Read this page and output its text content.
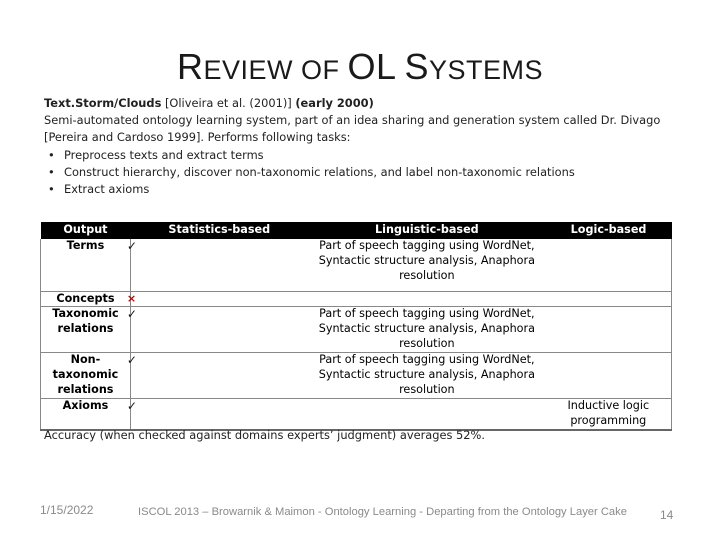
REVIEW OF OL SYSTEMS
Text.Storm/Clouds [Oliveira et al. (2001)] (early 2000)
Semi-automated ontology learning system, part of an idea sharing and generation system called Dr. Divago [Pereira and Cardoso 1999]. Performs following tasks:
• Preprocess texts and extract terms
• Construct hierarchy, discover non-taxonomic relations, and label non-taxonomic relations
• Extract axioms
Output	Statistics-based	Linguistic-based	Logic-based
Terms	✓	Part of speech tagging using WordNet, Syntactic structure analysis, Anaphora resolution	
Concepts	×		
Taxonomic relations	✓	Part of speech tagging using WordNet, Syntactic structure analysis, Anaphora resolution	
Non-taxonomic relations	✓	Part of speech tagging using WordNet, Syntactic structure analysis, Anaphora resolution	
Axioms	✓		Inductive logic programming
Accuracy (when checked against domains experts’ judgment) averages 52%.
1/15/2022	ISCOL 2013 – Browarnik & Maimon - Ontology Learning - Departing from the Ontology Layer Cake	14
